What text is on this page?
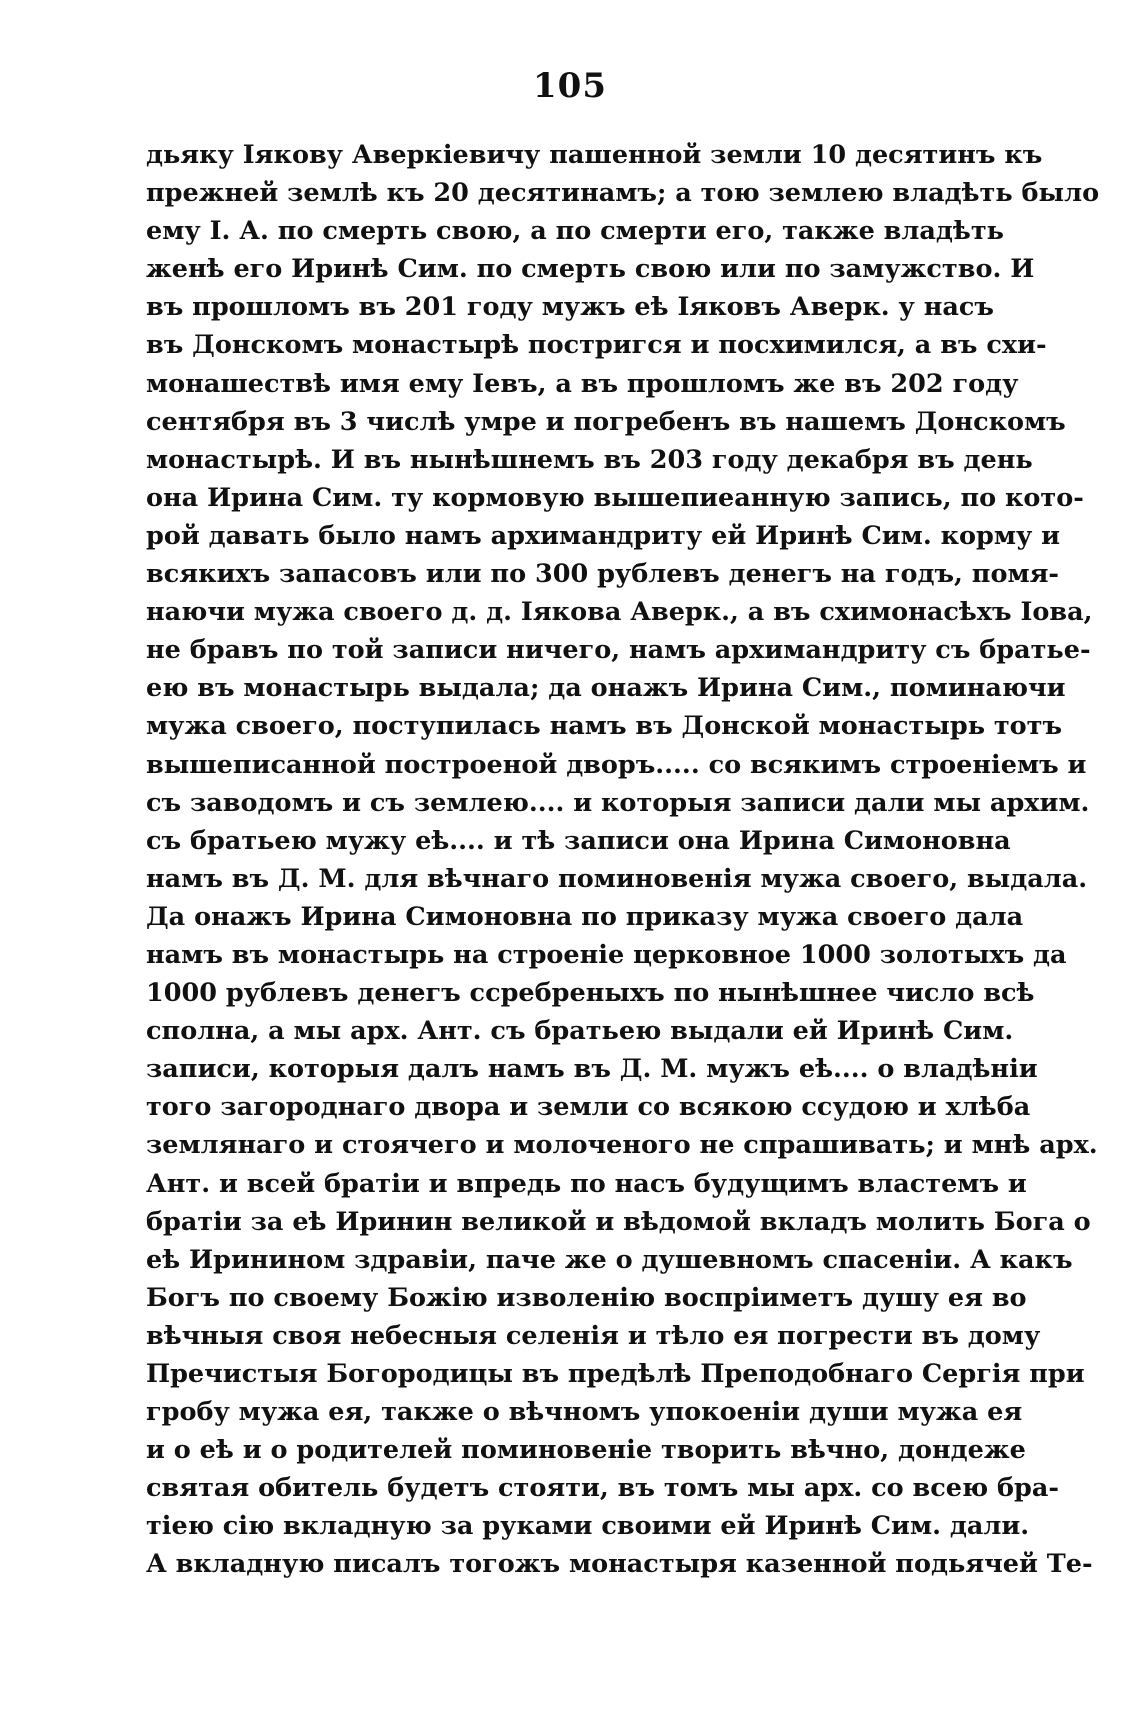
105
дьяку Іякову Аверкіевичу пашенной земли 10 десятинъ къ
прежней землѣ къ 20 десятинамъ; а тою землею владѣть было
ему І. А. по смерть свою, а по смерти его, также владѣть
женѣ его Иринѣ Сим. по смерть свою или по замужство. И
въ прошломъ въ 201 году мужъ еѣ Іяковъ Аверк. у насъ
въ Донскомъ монастырѣ постригся и посхимился, а въ схи-
монашествѣ имя ему Іевъ, а въ прошломъ же въ 202 году
сентября въ 3 числѣ умре и погребенъ въ нашемъ Донскомъ
монастырѣ. И въ нынѣшнемъ въ 203 году декабря въ день
она Ирина Сим. ту кормовую вышепиеанную запись, по кото-
рой давать было намъ архимандриту ей Иринѣ Сим. корму и
всякихъ запасовъ или по 300 рублевъ денегъ на годъ, помя-
наючи мужа своего д. д. Іякова Аверк., а въ схимонасѣхъ Іова,
не бравъ по той записи ничего, намъ архимандриту съ братье-
ею въ монастырь выдала; да онажъ Ирина Сим., поминаючи
мужа своего, поступилась намъ въ Донской монастырь тотъ
вышеписанной построеной дворъ..... со всякимъ строеніемъ и
съ заводомъ и съ землею.... и которыя записи дали мы архим.
съ братьею мужу еѣ.... и тѣ записи она Ирина Симоновна
намъ въ Д. М. для вѣчнаго поминовенія мужа своего, выдала.
Да онажъ Ирина Симоновна по приказу мужа своего дала
намъ въ монастырь на строеніе церковное 1000 золотыхъ да
1000 рублевъ денегъ ссребреныхъ по нынѣшнее число всѣ
сполна, а мы арх. Ант. съ братьею выдали ей Иринѣ Сим.
записи, которыя далъ намъ въ Д. М. мужъ еѣ.... о владѣніи
того загороднаго двора и земли со всякою ссудою и хлѣба
землянаго и стоячего и молоченого не спрашивать; и мнѣ арх.
Ант. и всей братіи и впредь по насъ будущимъ властемъ и
братіи за еѣ Иринин великой и вѣдомой вкладъ молить Бога о
еѣ Иринином здравіи, паче же о душевномъ спасеніи. А какъ
Богъ по своему Божію изволенію воспріиметъ душу ея во
вѣчныя своя небесныя селенія и тѣло ея погрести въ дому
Пречистыя Богородицы въ предѣлѣ Преподобнаго Сергія при
гробу мужа ея, также о вѣчномъ упокоеніи души мужа ея
и о еѣ и о родителей поминовеніе творить вѣчно, дондеже
святая обитель будетъ стояти, въ томъ мы арх. со всею бра-
тіею сію вкладную за руками своими ей Иринѣ Сим. дали.
А вкладную писалъ тогожъ монастыря казенной подьячей Те-
